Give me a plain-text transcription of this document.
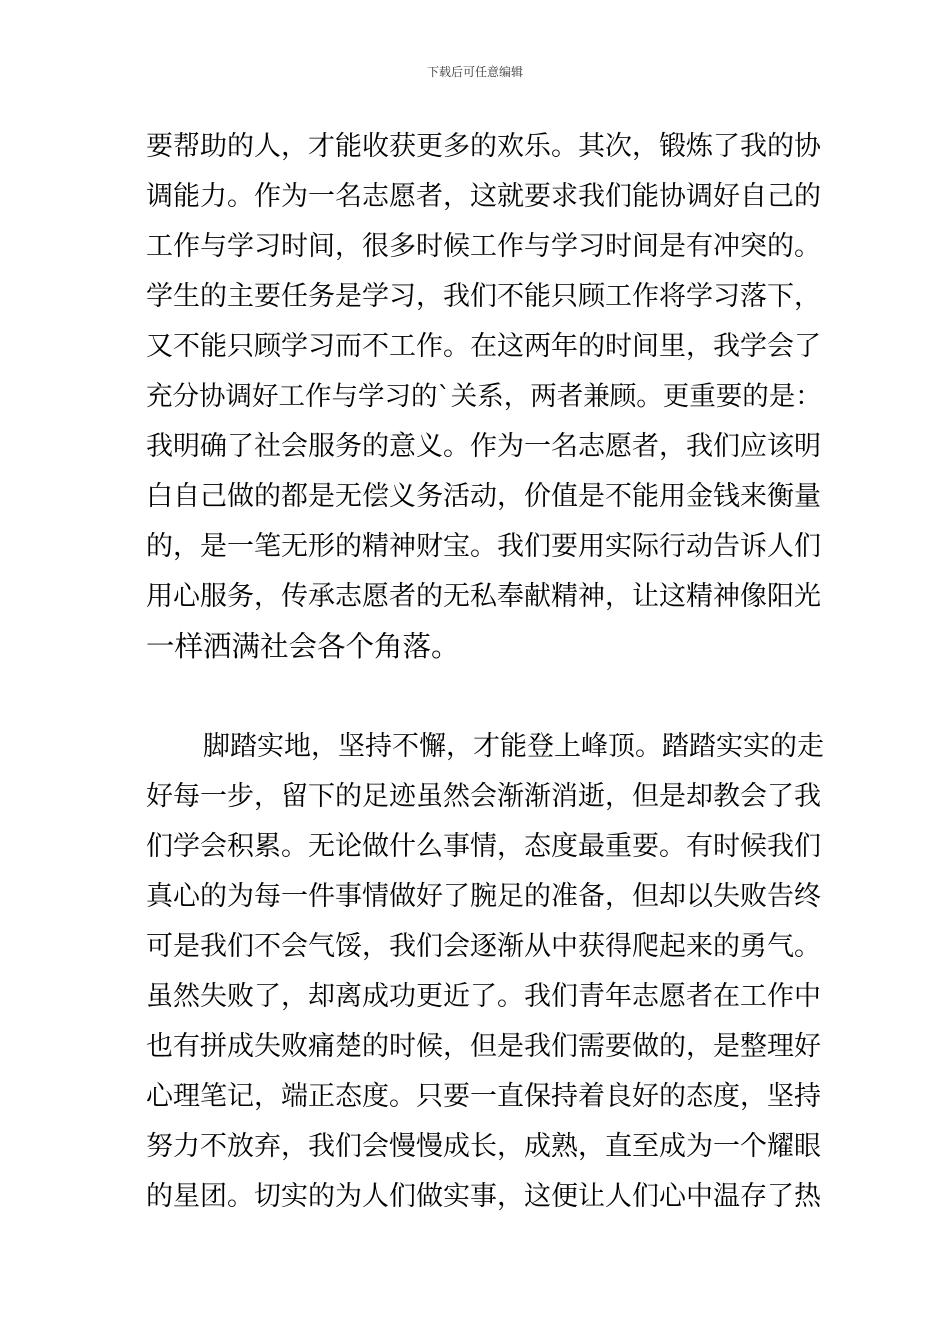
下载后可任意编辑
要帮助的人，才能收获更多的欢乐。其次，锻炼了我的协
调能力。作为一名志愿者，这就要求我们能协调好自己的
工作与学习时间，很多时候工作与学习时间是有冲突的。
学生的主要任务是学习，我们不能只顾工作将学习落下，
又不能只顾学习而不工作。在这两年的时间里，我学会了
充分协调好工作与学习的`关系，两者兼顾。更重要的是：
我明确了社会服务的意义。作为一名志愿者，我们应该明
白自己做的都是无偿义务活动，价值是不能用金钱来衡量
的，是一笔无形的精神财宝。我们要用实际行动告诉人们
用心服务，传承志愿者的无私奉献精神，让这精神像阳光
一样洒满社会各个角落。
脚踏实地，坚持不懈，才能登上峰顶。踏踏实实的走
好每一步，留下的足迹虽然会渐渐消逝，但是却教会了我
们学会积累。无论做什么事情，态度最重要。有时候我们
真心的为每一件事情做好了腕足的准备，但却以失败告终
可是我们不会气馁，我们会逐渐从中获得爬起来的勇气。
虽然失败了，却离成功更近了。我们青年志愿者在工作中
也有拼成失败痛楚的时候，但是我们需要做的，是整理好
心理笔记，端正态度。只要一直保持着良好的态度，坚持
努力不放弃，我们会慢慢成长，成熟，直至成为一个耀眼
的星团。切实的为人们做实事，这便让人们心中温存了热
